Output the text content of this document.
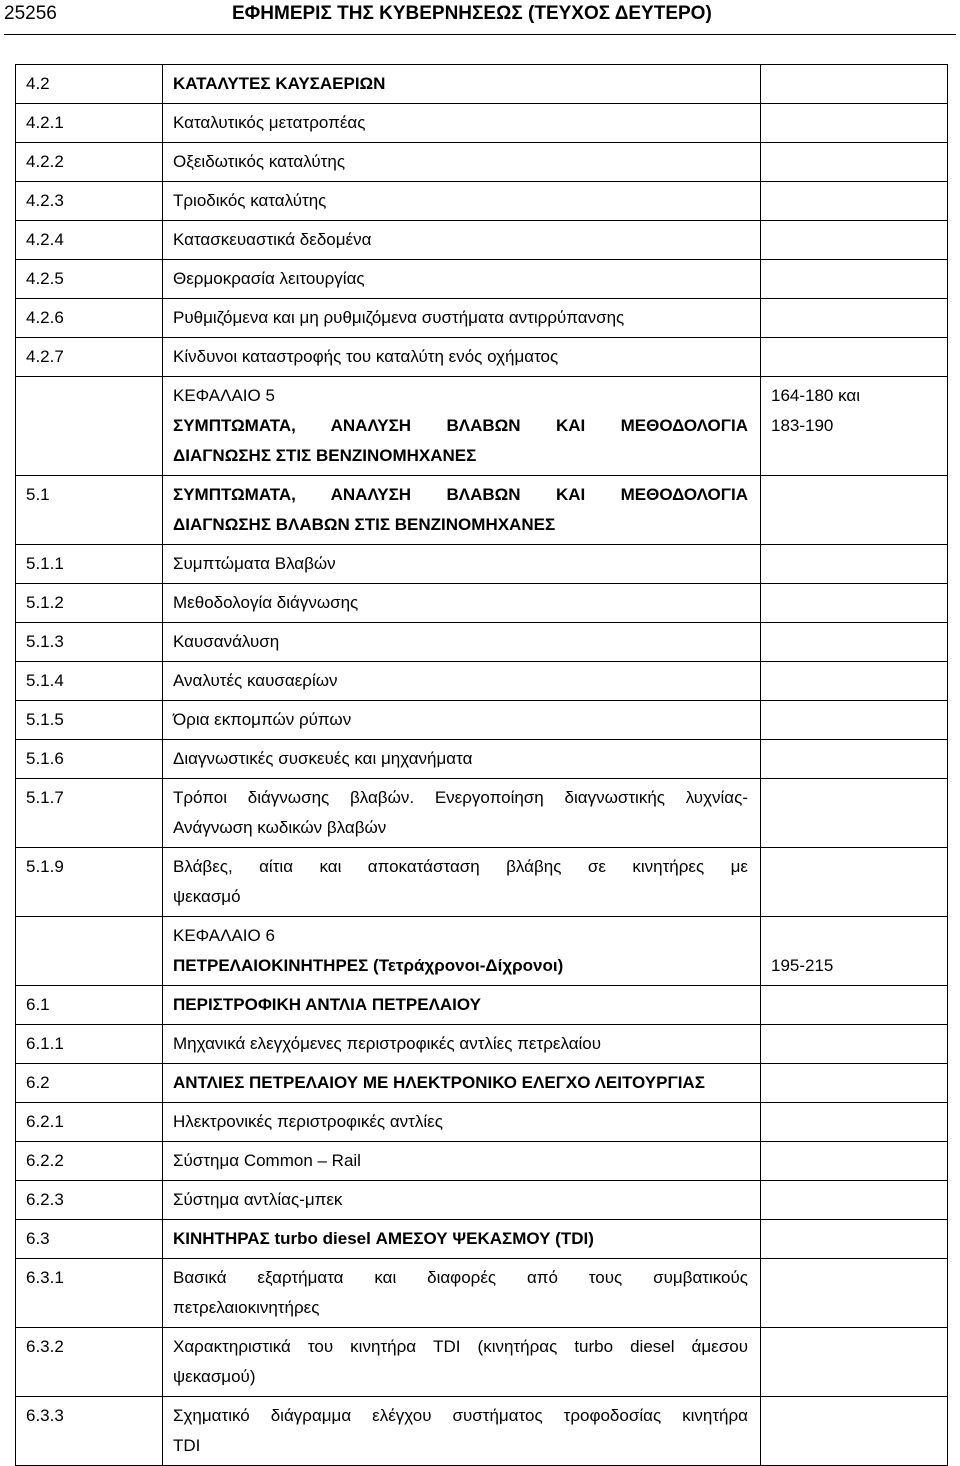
25256	ΕΦΗΜΕΡΙΣ ΤΗΣ ΚΥΒΕΡΝΗΣΕΩΣ (ΤΕΥΧΟΣ ΔΕΥΤΕΡΟ)
4.2	ΚΑΤΑΛΥΤΕΣ ΚΑΥΣΑΕΡΙΩΝ	
4.2.1	Καταλυτικός μετατροπέας	
4.2.2	Οξειδωτικός καταλύτης	
4.2.3	Τριοδικός καταλύτης	
4.2.4	Κατασκευαστικά δεδομένα	
4.2.5	Θερμοκρασία λειτουργίας	
4.2.6	Ρυθμιζόμενα και μη ρυθμιζόμενα συστήματα αντιρρύπανσης	
4.2.7	Κίνδυνοι καταστροφής του καταλύτη ενός οχήματος	

	ΚΕΦΑΛΑΙΟ 5
ΣΥΜΠΤΩΜΑΤΑ, ΑΝΑΛΥΣΗ ΒΛΑΒΩΝ ΚΑΙ ΜΕΘΟΔΟΛΟΓΙΑ
ΔΙΑΓΝΩΣΗΣ ΣΤΙΣ ΒΕΝΖΙΝΟΜΗΧΑΝΕΣ	164-180 και
183-190

5.1	ΣΥΜΠΤΩΜΑΤΑ, ΑΝΑΛΥΣΗ ΒΛΑΒΩΝ ΚΑΙ ΜΕΘΟΔΟΛΟΓΙΑ
ΔΙΑΓΝΩΣΗΣ ΒΛΑΒΩΝ ΣΤΙΣ ΒΕΝΖΙΝΟΜΗΧΑΝΕΣ	

5.1.1	Συμπτώματα Βλαβών	
5.1.2	Μεθοδολογία διάγνωσης	
5.1.3	Καυσανάλυση	
5.1.4	Αναλυτές καυσαερίων	
5.1.5	Όρια εκπομπών ρύπων	
5.1.6	Διαγνωστικές συσκευές και μηχανήματα	
5.1.7	Τρόποι διάγνωσης βλαβών. Ενεργοποίηση διαγνωστικής λυχνίας-
Ανάγνωση κωδικών βλαβών	

5.1.9	Βλάβες, αίτια και αποκατάσταση βλάβης σε κινητήρες με
ψεκασμό	

	ΚΕΦΑΛΑΙΟ 6
ΠΕΤΡΕΛΑΙΟΚΙΝΗΤΗΡΕΣ (Τετράχρονοι-Δίχρονοι)	195-215

6.1	ΠΕΡΙΣΤΡΟΦΙΚΗ ΑΝΤΛΙΑ ΠΕΤΡΕΛΑΙΟΥ	
6.1.1	Μηχανικά ελεγχόμενες περιστροφικές αντλίες πετρελαίου	
6.2	ΑΝΤΛΙΕΣ ΠΕΤΡΕΛΑΙΟΥ ΜΕ ΗΛΕΚΤΡΟΝΙΚΟ ΕΛΕΓΧΟ ΛΕΙΤΟΥΡΓΙΑΣ	
6.2.1	Ηλεκτρονικές περιστροφικές αντλίες	
6.2.2	Σύστημα Common – Rail	
6.2.3	Σύστημα αντλίας-μπεκ	
6.3	ΚΙΝΗΤΗΡΑΣ turbo diesel ΑΜΕΣΟΥ ΨΕΚΑΣΜΟΥ (TDI)	
6.3.1	Βασικά εξαρτήματα και διαφορές από τους συμβατικούς
πετρελαιοκινητήρες	

6.3.2	Χαρακτηριστικά του κινητήρα TDI (κινητήρας turbo diesel άμεσου
ψεκασμού)	

6.3.3	Σχηματικό διάγραμμα ελέγχου συστήματος τροφοδοσίας κινητήρα
TDI	
